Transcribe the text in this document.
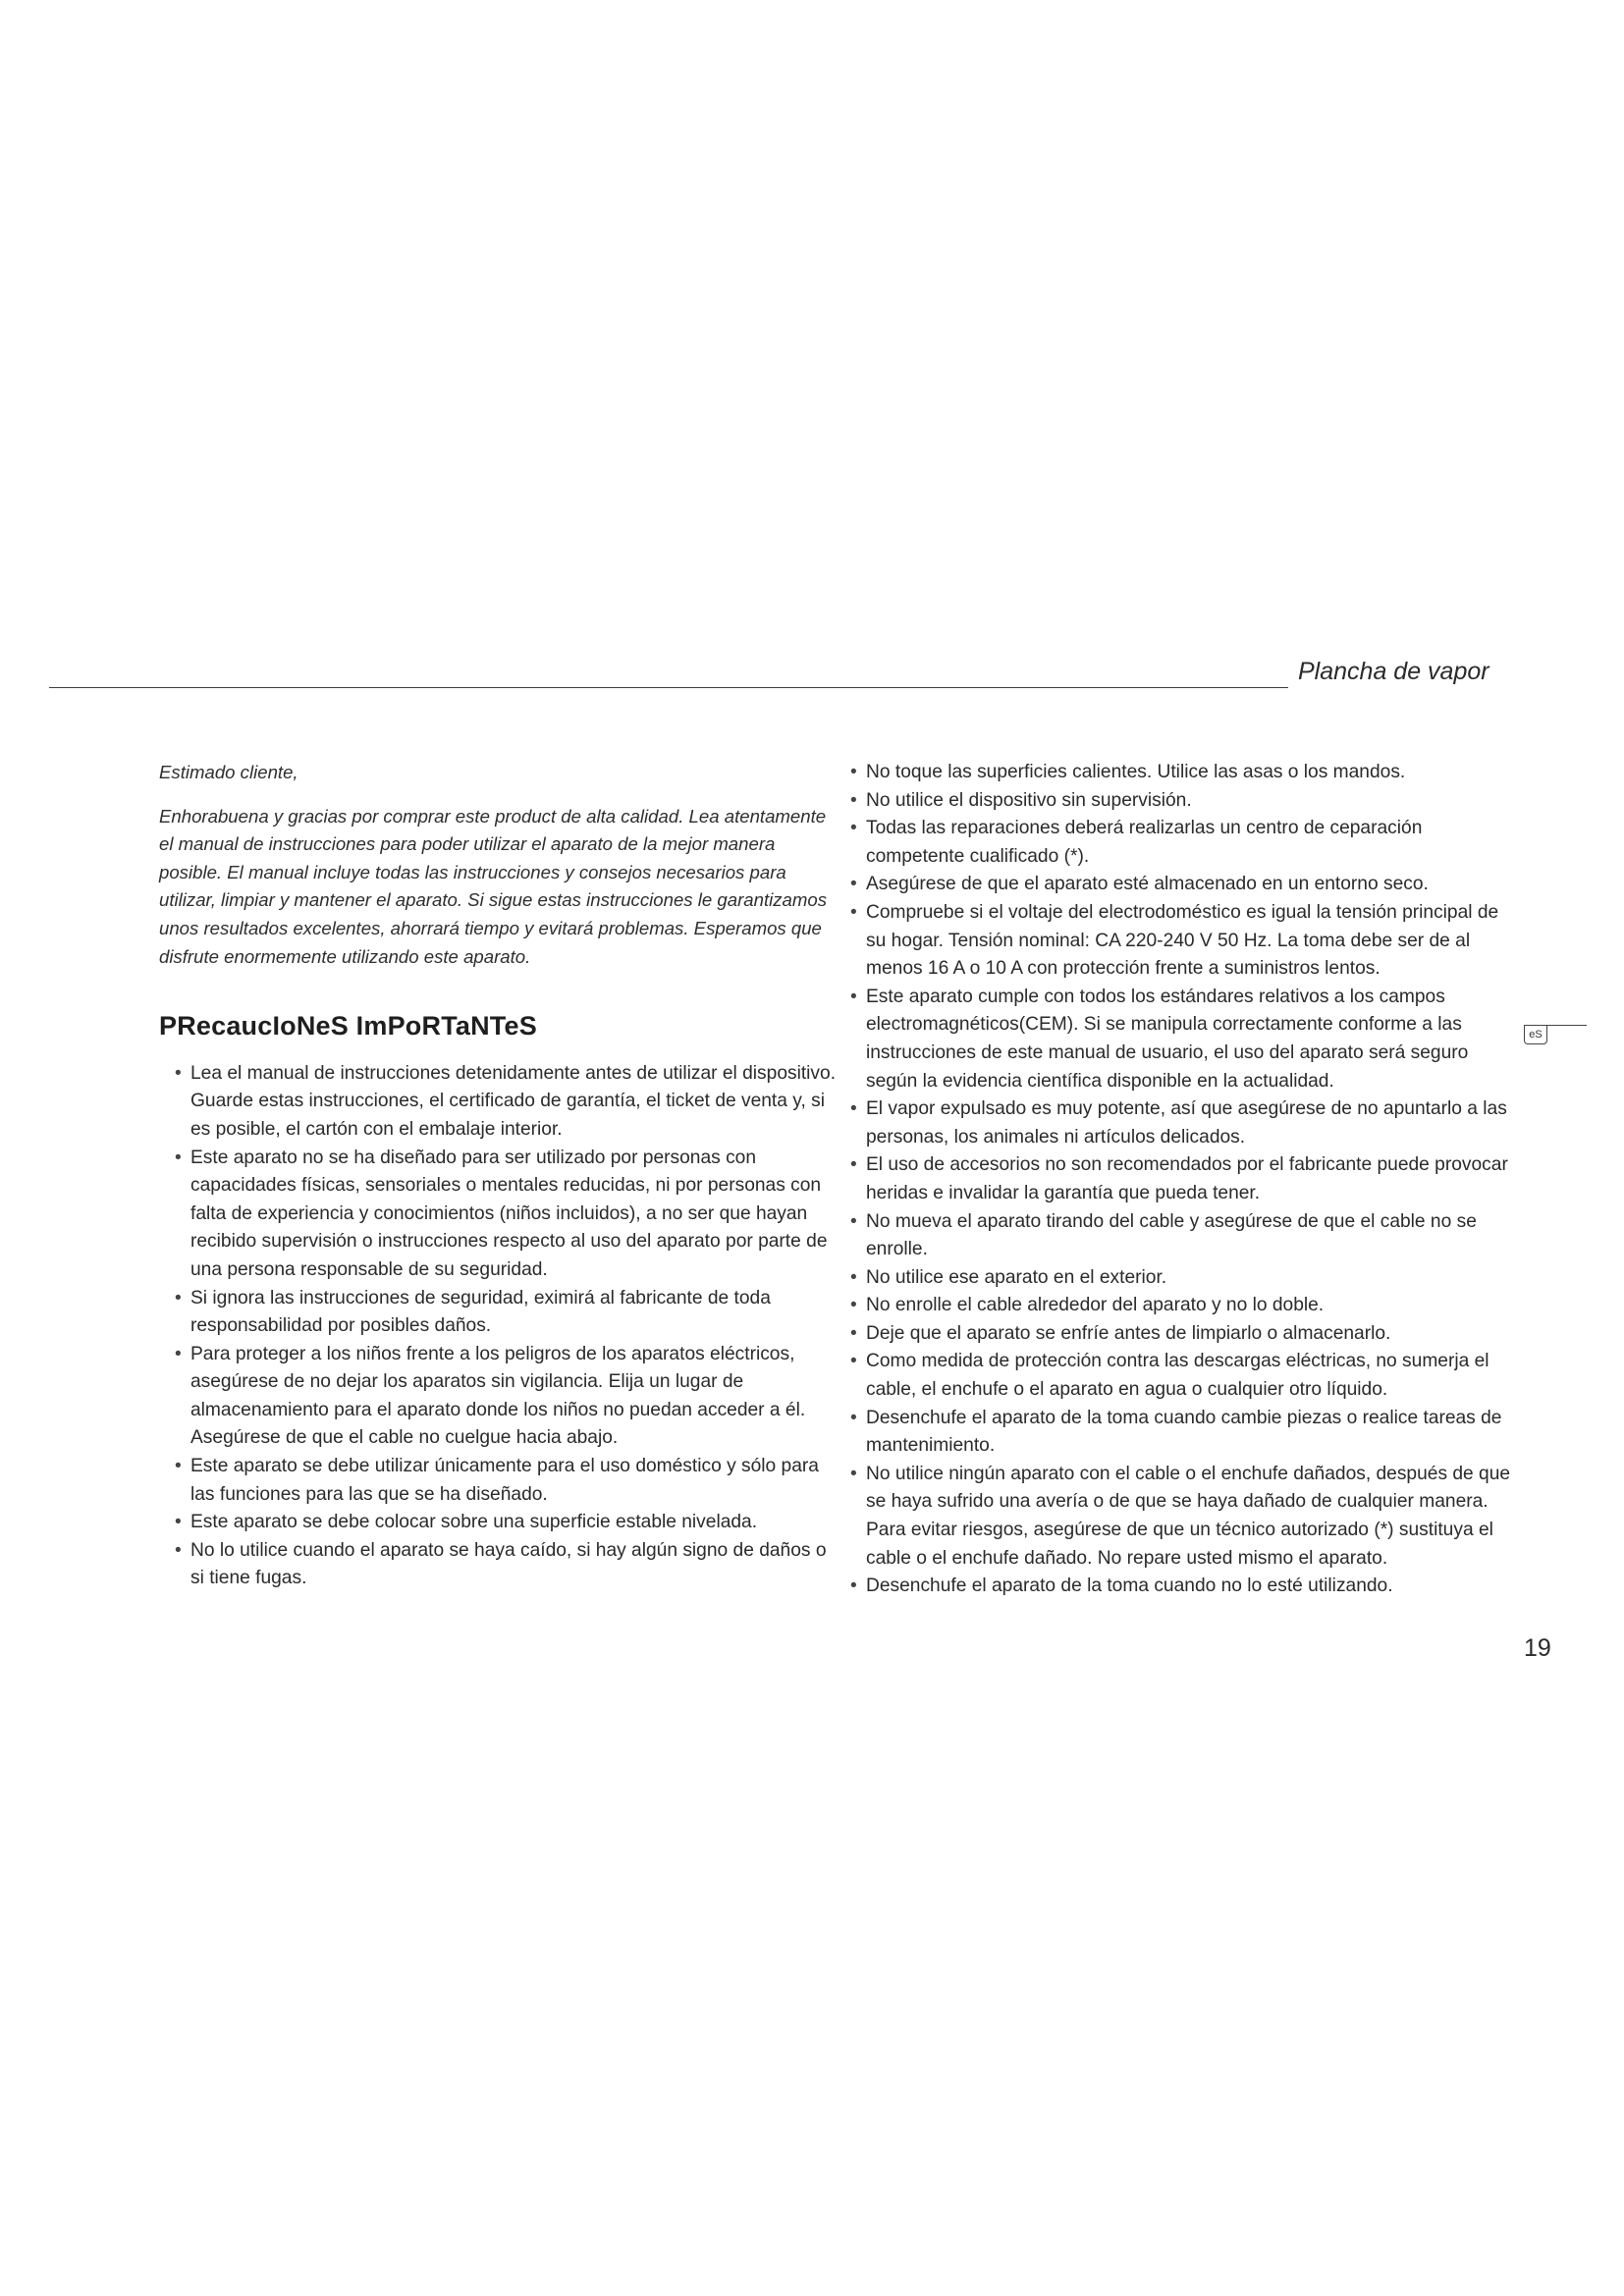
Plancha de vapor

Estimado cliente,

Enhorabuena y gracias por comprar este product de alta calidad. Lea atentamente el manual de instrucciones para poder utilizar el aparato de la mejor manera posible. El manual incluye todas las instrucciones y consejos necesarios para utilizar, limpiar y mantener el aparato. Si sigue estas instrucciones le garantizamos unos resultados excelentes, ahorrará tiempo y evitará problemas. Esperamos que disfrute enormemente utilizando este aparato.

PRecaucIoNeS ImPoRTaNTeS
• Lea el manual de instrucciones detenidamente antes de utilizar el dispositivo. Guarde estas instrucciones, el certificado de garantía, el ticket de venta y, si es posible, el cartón con el embalaje interior.
• Este aparato no se ha diseñado para ser utilizado por personas con capacidades físicas, sensoriales o mentales reducidas, ni por personas con falta de experiencia y conocimientos (niños incluidos), a no ser que hayan recibido supervisión o instrucciones respecto al uso del aparato por parte de una persona responsable de su seguridad.
• Si ignora las instrucciones de seguridad, eximirá al fabricante de toda responsabilidad por posibles daños.
• Para proteger a los niños frente a los peligros de los aparatos eléctricos, asegúrese de no dejar los aparatos sin vigilancia. Elija un lugar de almacenamiento para el aparato donde los niños no puedan acceder a él. Asegúrese de que el cable no cuelgue hacia abajo.
• Este aparato se debe utilizar únicamente para el uso doméstico y sólo para las funciones para las que se ha diseñado.
• Este aparato se debe colocar sobre una superficie estable nivelada.
• No lo utilice cuando el aparato se haya caído, si hay algún signo de daños o si tiene fugas.
• No toque las superficies calientes. Utilice las asas o los mandos.
• No utilice el dispositivo sin supervisión.
• Todas las reparaciones deberá realizarlas un centro de ceparación competente cualificado (*).
• Asegúrese de que el aparato esté almacenado en un entorno seco.
• Compruebe si el voltaje del electrodoméstico es igual la tensión principal de su hogar. Tensión nominal: CA 220-240 V 50 Hz. La toma debe ser de al menos 16 A o 10 A con protección frente a suministros lentos.
• Este aparato cumple con todos los estándares relativos a los campos electromagnéticos(CEM). Si se manipula correctamente conforme a las instrucciones de este manual de usuario, el uso del aparato será seguro según la evidencia científica disponible en la actualidad.
• El vapor expulsado es muy potente, así que asegúrese de no apuntarlo a las personas, los animales ni artículos delicados.
• El uso de accesorios no son recomendados por el fabricante puede provocar heridas e invalidar la garantía que pueda tener.
• No mueva el aparato tirando del cable y asegúrese de que el cable no se enrolle.
• No utilice ese aparato en el exterior.
• No enrolle el cable alrededor del aparato y no lo doble.
• Deje que el aparato se enfríe antes de limpiarlo o almacenarlo.
• Como medida de protección contra las descargas eléctricas, no sumerja el cable, el enchufe o el aparato en agua o cualquier otro líquido.
• Desenchufe el aparato de la toma cuando cambie piezas o realice tareas de mantenimiento.
• No utilice ningún aparato con el cable o el enchufe dañados, después de que se haya sufrido una avería o de que se haya dañado de cualquier manera. Para evitar riesgos, asegúrese de que un técnico autorizado (*) sustituya el cable o el enchufe dañado. No repare usted mismo el aparato.
• Desenchufe el aparato de la toma cuando no lo esté utilizando.
eS
19
